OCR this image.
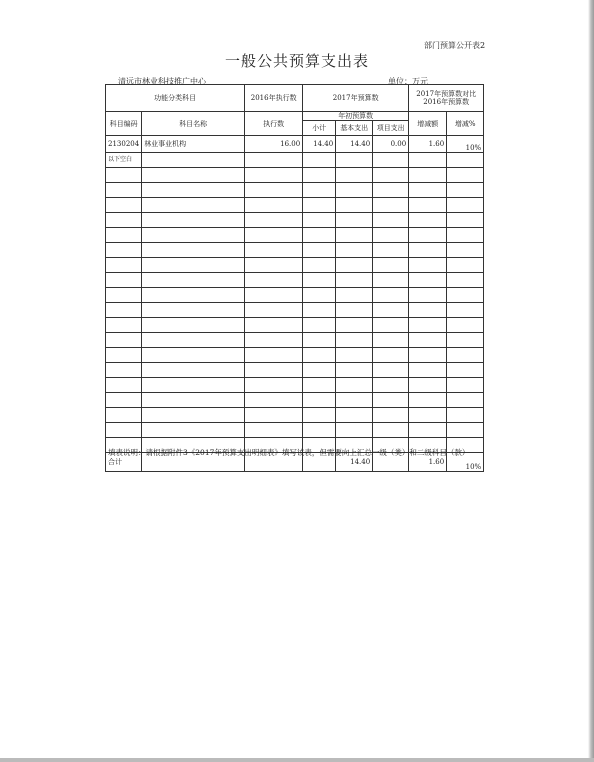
部门预算公开表2
一般公共预算支出表
清远市林业科技推广中心	单位：万元
功能分类科目		2016年执行数	2017年预算数			2017年预算数对比
2016年预算数	

科目编码	科目名称	执行数	年初预算数			增减额	增减%
			小计	基本支出	项目支出		
2130204	林业事业机构	16.00	14.40	14.40	0.00	1.60	10%
以下空白							

合计				14.40		1.60	10%
填表说明：请根据附件3《2017年预算支出明细表》填写该表，但需要向上汇总一级（类）和二级科目（款）
